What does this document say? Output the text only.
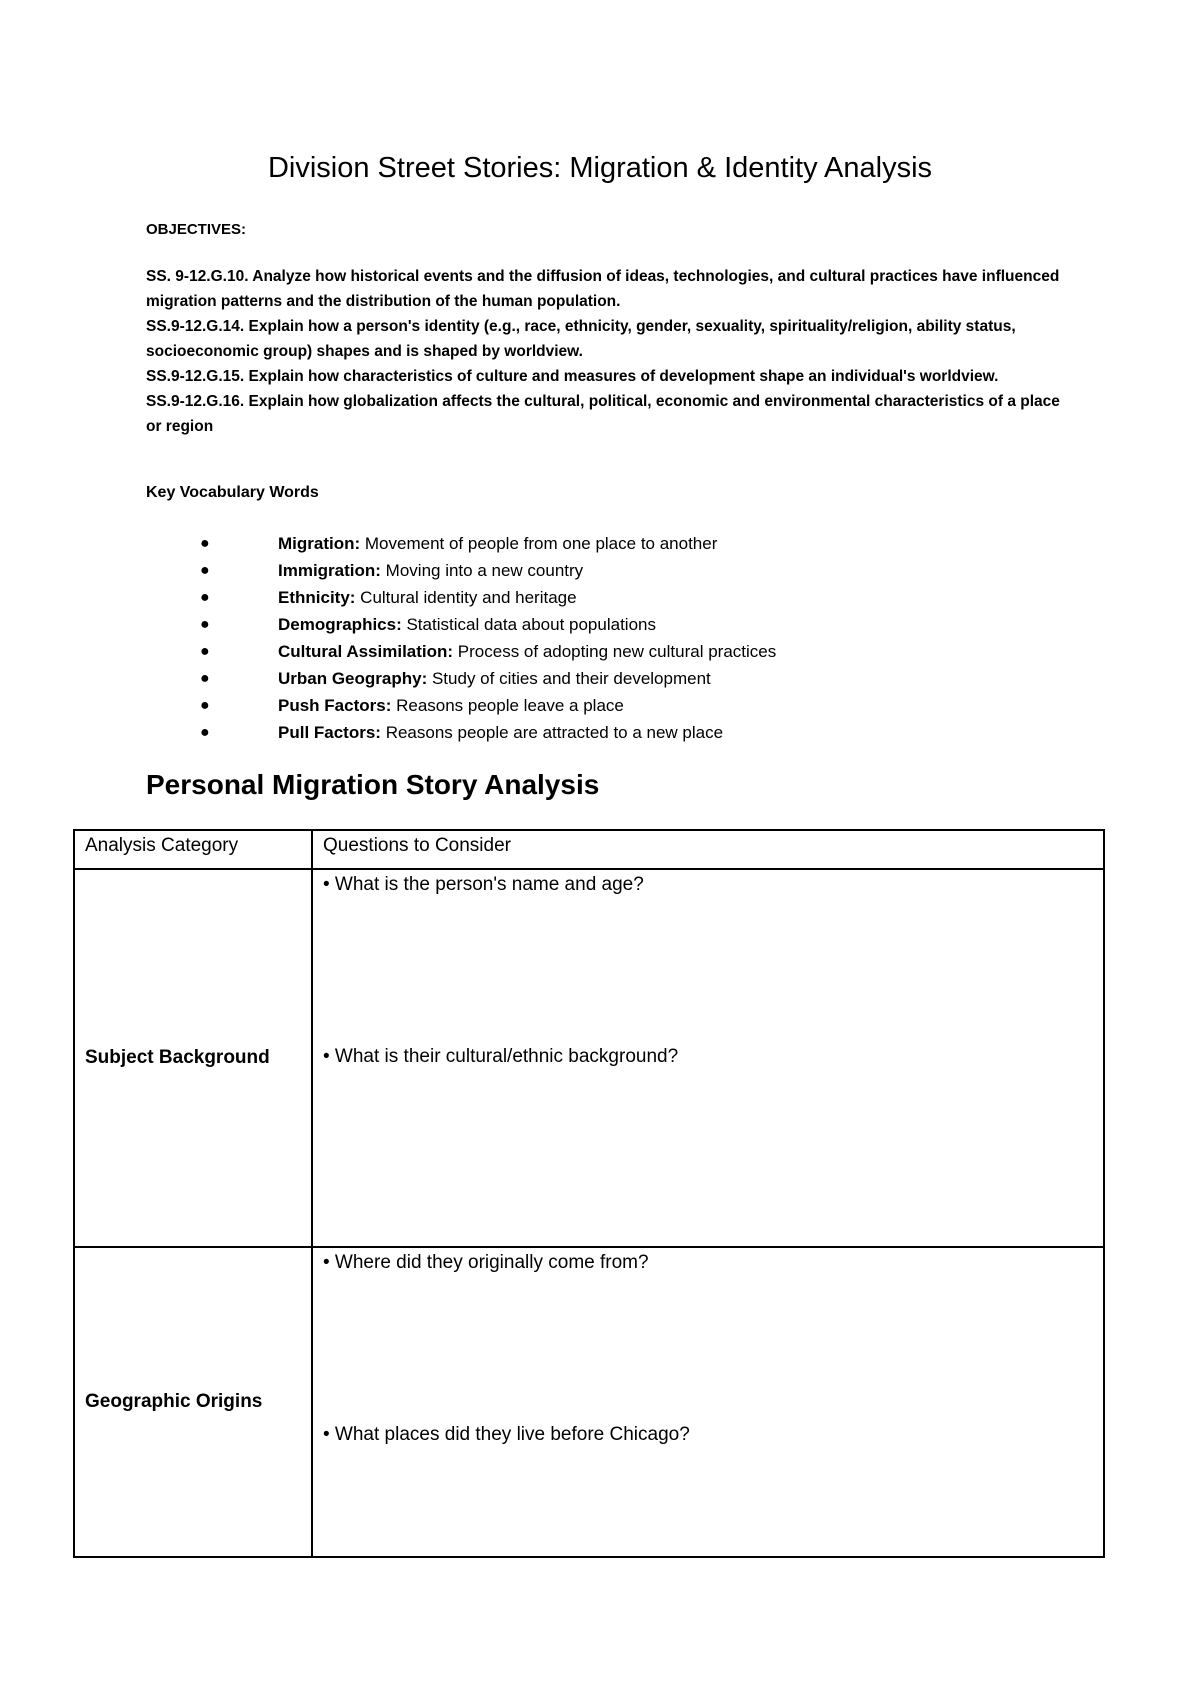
Division Street Stories: Migration & Identity Analysis
OBJECTIVES:

SS. 9-12.G.10. Analyze how historical events and the diffusion of ideas, technologies, and cultural practices have influenced migration patterns and the distribution of the human population.

SS.9-12.G.14. Explain how a person's identity (e.g., race, ethnicity, gender, sexuality, spirituality/religion, ability status, socioeconomic group) shapes and is shaped by worldview.

SS.9-12.G.15. Explain how characteristics of culture and measures of development shape an individual's worldview.

SS.9-12.G.16. Explain how globalization affects the cultural, political, economic and environmental characteristics of a place or region

Key Vocabulary Words
●	Migration: Movement of people from one place to another
●	Immigration: Moving into a new country
●	Ethnicity: Cultural identity and heritage
●	Demographics: Statistical data about populations
●	Cultural Assimilation: Process of adopting new cultural practices
●	Urban Geography: Study of cities and their development
●	Push Factors: Reasons people leave a place
●	Pull Factors: Reasons people are attracted to a new place
Personal Migration Story Analysis
Analysis Category	Questions to Consider
Subject Background	• What is the person's name and age?
• What is their cultural/ethnic background?

Geographic Origins	• Where did they originally come from?
• What places did they live before Chicago?
